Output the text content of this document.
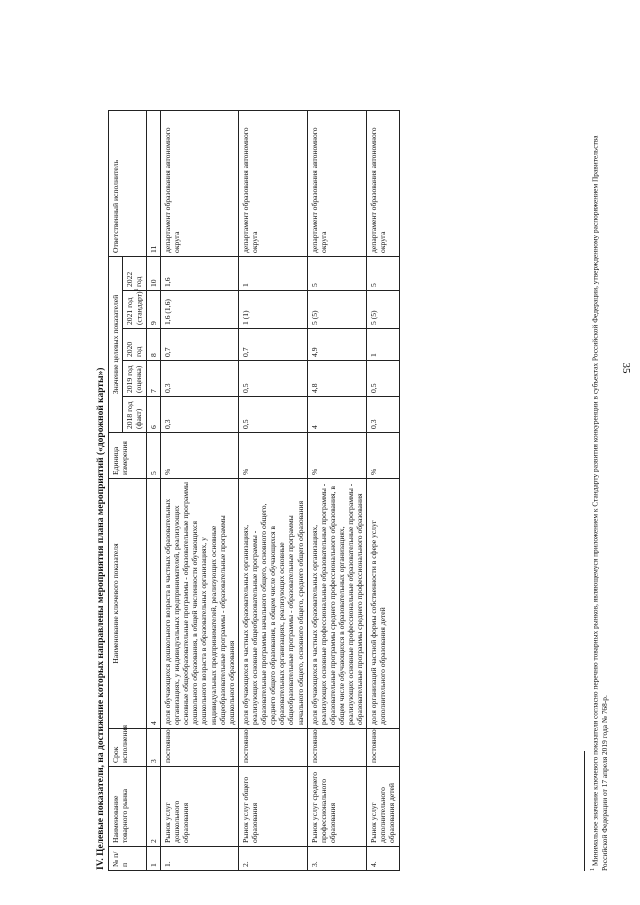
35
IV. Целевые показатели, на достижение которых направлены мероприятия плана мероприятий («дорожной карты») № п/п	Наименование товарного рынка	Срок исполнения	Наименование ключевого показателя	Единица измерения	Значение целевых показателей					Ответственный исполнитель
					2018 год (факт)	2019 год (оценка)	2020 год	2021 год (стандарт)$^1$	2022 год	
1	2	3	4	5	6	7	8	9	10	11
1.	Рынок услуг дошкольного образования	постоянно	доля обучающихся дошкольного возраста в частных образовательных организациях, у индивидуальных предпринимателей, реализующих основные общеобразовательные программы - образовательные программы дошкольного образования, в общей численности обучающихся дошкольного возраста в образовательных организациях, у индивидуальных предпринимателей, реализующих основные общеобразовательные программы - образовательные программы дошкольного образования	%	0,3	0,3	0,7	1,6 (1,6)	1,6	департамент образования автономного округа
2.	Рынок услуг общего образования	постоянно	доля обучающихся в частных образовательных организациях, реализующих основные общеобразовательные программы - образовательные программы начального общего, основного общего, среднего общего образования, в общем числе обучающихся в образовательных организациях, реализующих основные общеобразовательные программы - образовательные программы начального общего, основного общего, среднего общего образования	%	0,5	0,5	0,7	1 (1)	1	департамент образования автономного округа
3.	Рынок услуг среднего профессионального образования	постоянно	доля обучающихся в частных образовательных организациях, реализующих основные профессиональные образовательные программы - образовательные программы среднего профессионального образования, в общем числе обучающихся в образовательных организациях, реализующих основные профессиональные образовательные программы - образовательные программы среднего профессионального образования	%	4	4,8	4,9	5 (5)	5	департамент образования автономного округа
4.	Рынок услуг дополнительного образования детей	постоянно	доля организаций частной формы собственности в сфере услуг дополнительного образования детей	%	0,3	0,5	1	5 (5)	5	департамент образования автономного округа
$^1$ Минимальное значение ключевого показателя согласно перечню товарных рынков, являющемуся приложением к Стандарту развития конкуренции в субъектах Российской Федерации, утвержденному распоряжением Правительства Российской Федерации от 17 апреля 2019 года № 768-р.
